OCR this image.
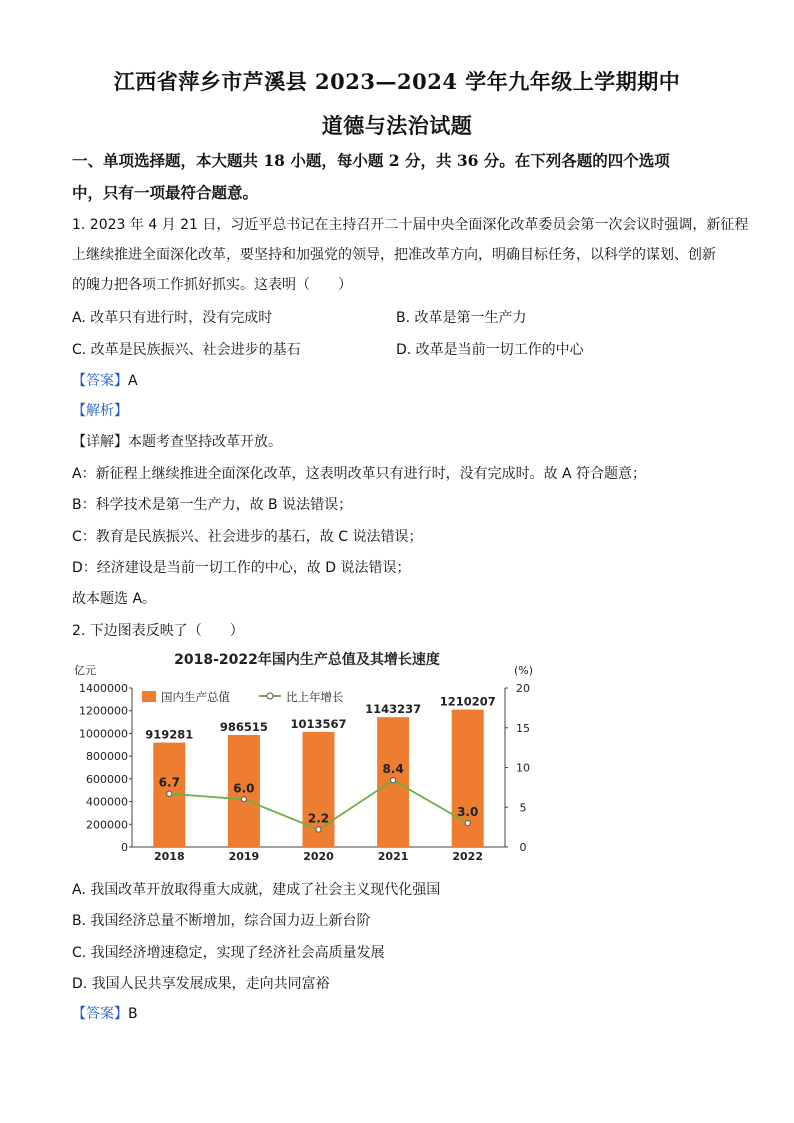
江西省萍乡市芦溪县 2023—2024 学年九年级上学期期中
道德与法治试题
一、单项选择题，本大题共 18 小题，每小题 2 分，共 36 分。在下列各题的四个选项
中，只有一项最符合题意。
1. 2023 年 4 月 21 日，习近平总书记在主持召开二十届中央全面深化改革委员会第一次会议时强调，新征程
上继续推进全面深化改革，要坚持和加强党的领导，把准改革方向，明确目标任务，以科学的谋划、创新
的魄力把各项工作抓好抓实。这表明（　　）
A. 改革只有进行时，没有完成时	B. 改革是第一生产力
C. 改革是民族振兴、社会进步的基石	D. 改革是当前一切工作的中心
【答案】A
【解析】
【详解】本题考查坚持改革开放。
A：新征程上继续推进全面深化改革，这表明改革只有进行时，没有完成时。故 A 符合题意；
B：科学技术是第一生产力，故 B 说法错误；
C：教育是民族振兴、社会进步的基石，故 C 说法错误；
D：经济建设是当前一切工作的中心，故 D 说法错误；
故本题选 A。
2. 下边图表反映了（　　）
2018-2022年国内生产总值及其增长速度
亿元	(%)
国内生产总值	比上年增长
0
200000
400000
600000
800000
1000000
1200000
1400000
0
5
10
15
20
2018	2019	2020	2021	2022
919281
986515 1013567
1143237
1210207
6.7	6.0
2.2
8.4
3.0
A. 我国改革开放取得重大成就，建成了社会主义现代化强国
B. 我国经济总量不断增加，综合国力迈上新台阶
C. 我国经济增速稳定，实现了经济社会高质量发展
D. 我国人民共享发展成果，走向共同富裕
【答案】B
